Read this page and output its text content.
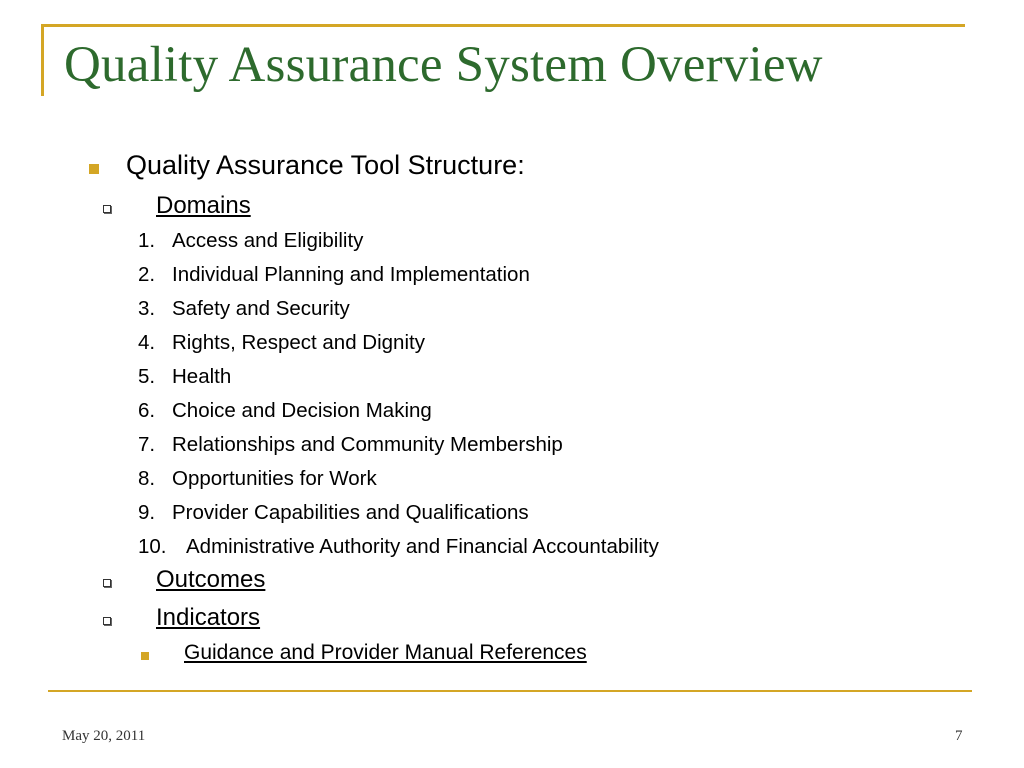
Quality Assurance System Overview
Quality Assurance Tool Structure:
Domains
1. Access and Eligibility
2. Individual Planning and Implementation
3. Safety and Security
4. Rights, Respect and Dignity
5. Health
6. Choice and Decision Making
7. Relationships and Community Membership
8. Opportunities for Work
9. Provider Capabilities and Qualifications
10. Administrative Authority and Financial Accountability
Outcomes
Indicators
Guidance and Provider Manual References
May 20, 2011	7
